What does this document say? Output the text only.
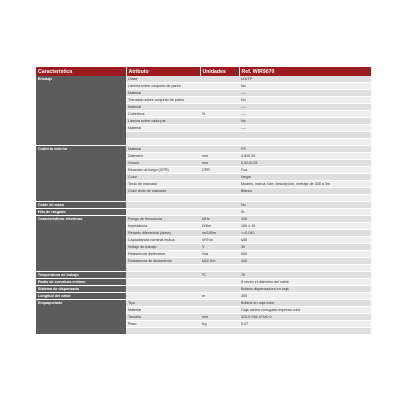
Característica	Atributo	Unidades	Ref. WIR9070
Blindaje	Clase		U/UTP
	Lámina sobre conjunto de pares		No
	Material		----
	Trenzado sobre conjunto de pares		No
	Material		----
	Cobertura	%	----
	Lámina sobre cada par		No
	Material		----

Cubierta exterior	Material		PE
	Diámetro	mm	4.5±0.20
	Grosor	mm	0.52±0.05
	Reacción al fuego (CPR)	CPR	Fca
	Color		Negro
	Texto de marcado		Modelo, marca, lote, descripción, metraje de 305 a 0m
	Color texto de marcado		Blanco

Cable de masa			No
Hilo de rasgado			Si
Características eléctricas	Rango de frecuencia	MHz	100
	Impedancia	Ω/Km	100 ± 15
	Retardo diferencial (skew)	ns/100m	>=0.045
	Capacitancia nominal mutua	nF/Km	≤56
	Voltaje de trabajo	V	30
	Resistencia dieléctrica	Vca	500
	Resistencia de aislamiento	MΩ/ Km	100

Temperatura de trabajo		ºC	75
Radio de curvatura mínimo			8 veces el diámetro del cable
Sistema de dispensado			Bobina dispensadora en caja
Longitud del cable		m	305
Empaquetado	Tipo		Bobina en caja color
	Material		Caja cartón corrugado impresa color
	Tamaño	mm	325.0*260.0*340.0
	Peso	Kg	9.07
